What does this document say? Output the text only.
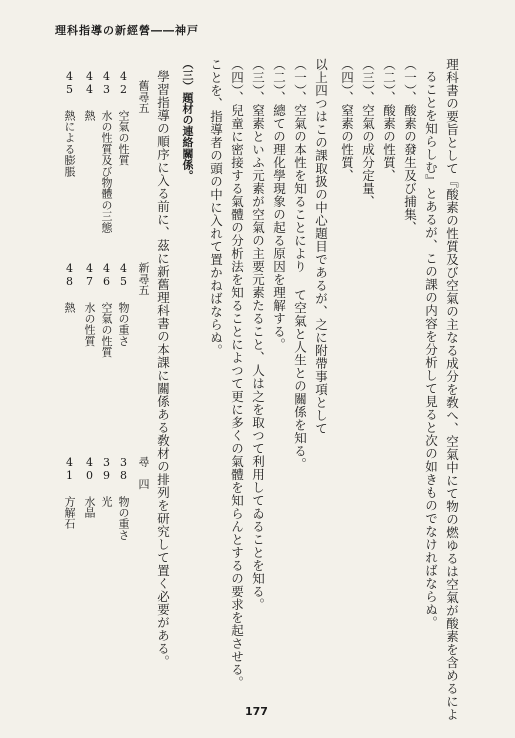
理科指導の新經營――神戸
理科書の要旨として『酸素の性質及び空氣の主なる成分を敎へ、空氣中にて物の燃ゆるは空氣が酸素を含めるによ
ることを知らしむ』とあるが、この課の内容を分析して見ると次の如きものでなければならぬ。
（一）、酸素の發生及び捕集、
（二）、酸素の性質、
（三）、空氣の成分定量、
（四）、窒素の性質、
以上四つはこの課取扱の中心題目であるが、之に附帶事項として
（一）、空氣の本性を知ることにより て空氣と人生との關係を知る。
（二）、總ての理化學現象の起る原因を理解する。
（三）、窒素といふ元素が空氣の主要元素たること、人は之を取つて利用してゐることを知る。
（四）、兒童に密接する氣體の分析法を知ることによつて更に多くの氣體を知らんとするの要求を起させる。
ことを、指導者の頭の中に入れて置かねばならぬ。
（三）題材の連絡關係。
學習指導の順序に入る前に、茲に新舊理科書の本課に關係ある敎材の排列を研究して置く必要がある。
舊尋五
新尋五
尋　四
42 空氣の性質
43 水の性質及び物體の三態
44 熱
45 熱による膨脹
45 物の重さ
46 空氣の性質
47 水の性質
48 熱
38 物の重さ
39 光
40 水晶
41 方解石
177
